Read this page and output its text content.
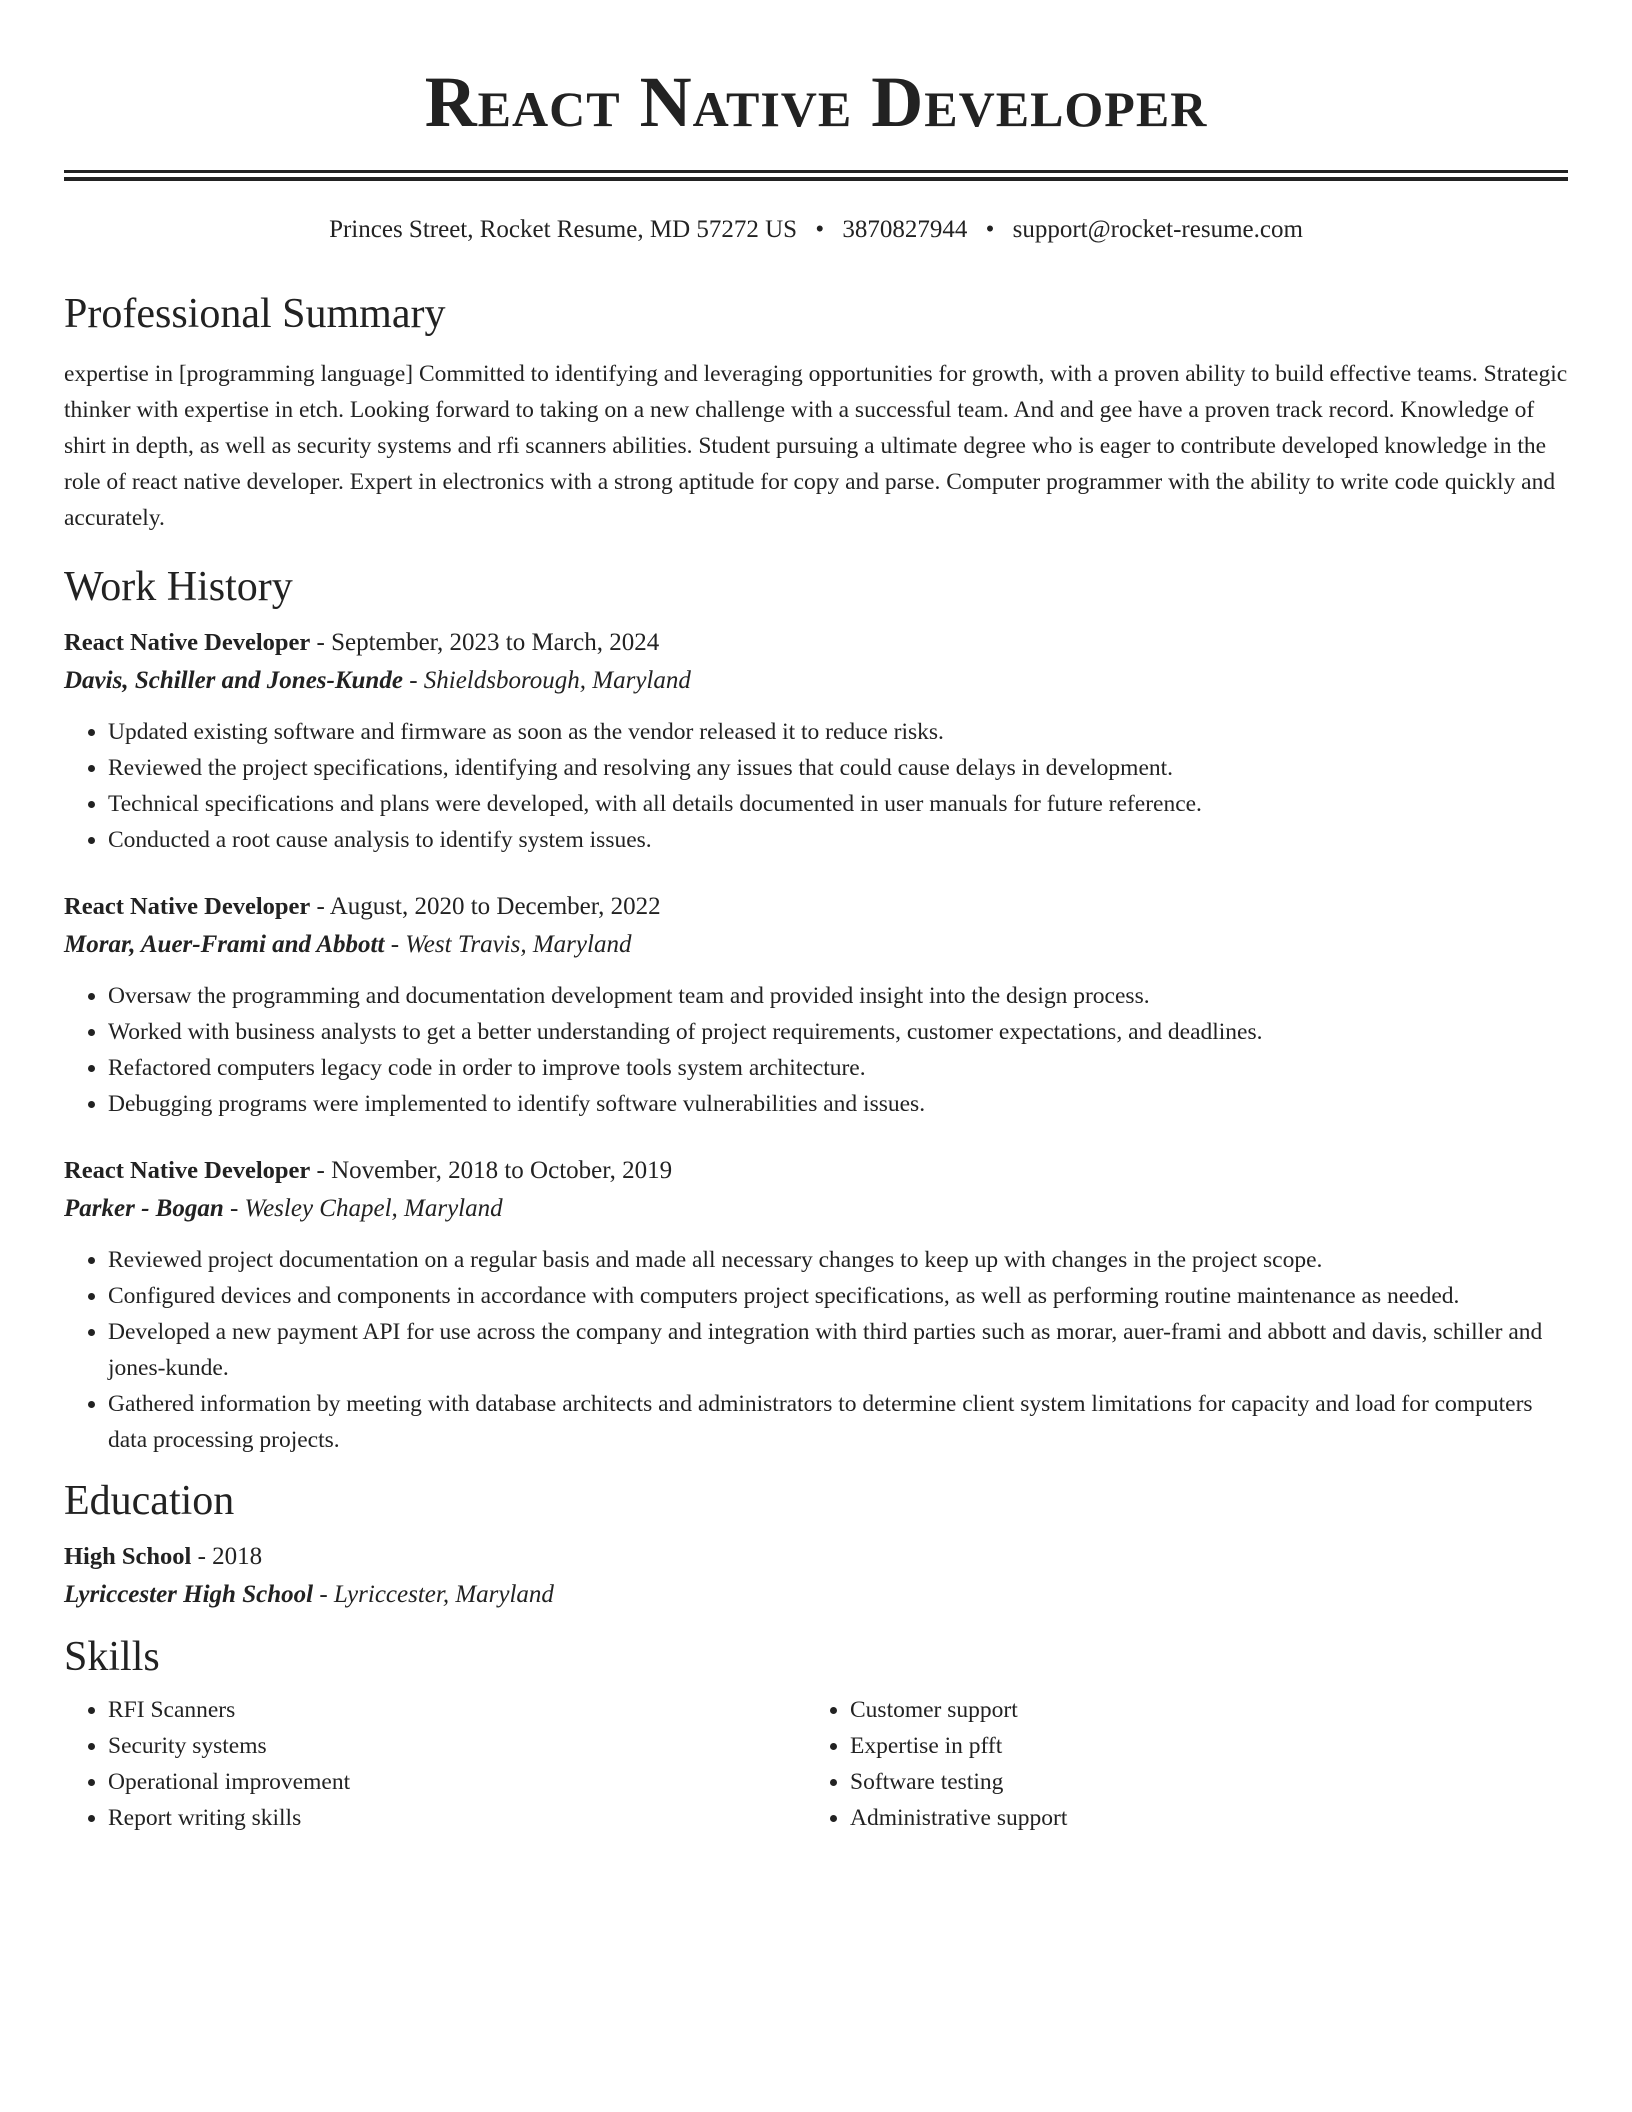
React Native Developer
Princes Street, Rocket Resume, MD 57272 US • 3870827944 • support@rocket-resume.com
Professional Summary

expertise in [programming language] Committed to identifying and leveraging opportunities for growth, with a proven ability to build effective teams. Strategic thinker with expertise in etch. Looking forward to taking on a new challenge with a successful team. And and gee have a proven track record. Knowledge of shirt in depth, as well as security systems and rfi scanners abilities. Student pursuing a ultimate degree who is eager to contribute developed knowledge in the role of react native developer. Expert in electronics with a strong aptitude for copy and parse. Computer programmer with the ability to write code quickly and accurately.

Work History

React Native Developer - September, 2023 to March, 2024

Davis, Schiller and Jones-Kunde - Shieldsborough, Maryland

• Updated existing software and firmware as soon as the vendor released it to reduce risks.
• Reviewed the project specifications, identifying and resolving any issues that could cause delays in development.
• Technical specifications and plans were developed, with all details documented in user manuals for future reference.
• Conducted a root cause analysis to identify system issues.

React Native Developer - August, 2020 to December, 2022

Morar, Auer-Frami and Abbott - West Travis, Maryland

• Oversaw the programming and documentation development team and provided insight into the design process.
• Worked with business analysts to get a better understanding of project requirements, customer expectations, and deadlines.
• Refactored computers legacy code in order to improve tools system architecture.
• Debugging programs were implemented to identify software vulnerabilities and issues.

React Native Developer - November, 2018 to October, 2019

Parker - Bogan - Wesley Chapel, Maryland

• Reviewed project documentation on a regular basis and made all necessary changes to keep up with changes in the project scope.
• Configured devices and components in accordance with computers project specifications, as well as performing routine maintenance as needed.
• Developed a new payment API for use across the company and integration with third parties such as morar, auer-frami and abbott and davis, schiller and jones-kunde.
• Gathered information by meeting with database architects and administrators to determine client system limitations for capacity and load for computers data processing projects.
Education

High School - 2018

Lyriccester High School - Lyriccester, Maryland

Skills
• RFI Scanners
• Security systems
• Operational improvement
• Report writing skills
• Customer support
• Expertise in pfft
• Software testing
• Administrative support
